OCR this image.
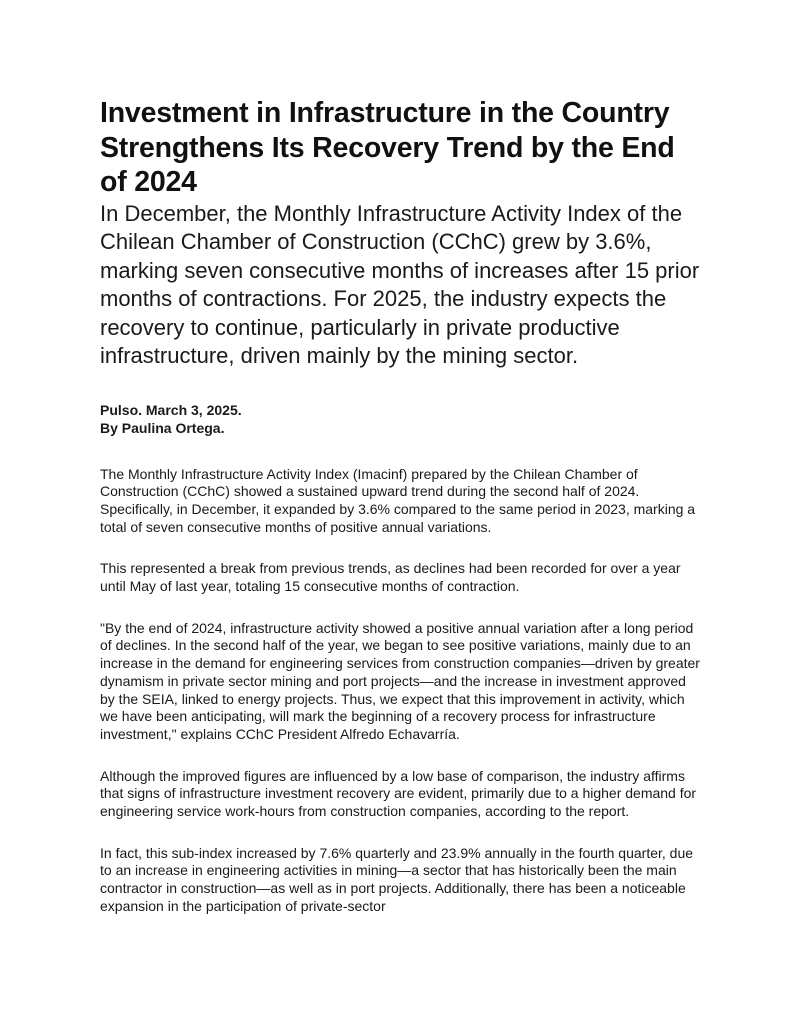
Investment in Infrastructure in the Country Strengthens Its Recovery Trend by the End of 2024
In December, the Monthly Infrastructure Activity Index of the Chilean Chamber of Construction (CChC) grew by 3.6%, marking seven consecutive months of increases after 15 prior months of contractions. For 2025, the industry expects the recovery to continue, particularly in private productive infrastructure, driven mainly by the mining sector.
Pulso. March 3, 2025.
By Paulina Ortega.

The Monthly Infrastructure Activity Index (Imacinf) prepared by the Chilean Chamber of Construction (CChC) showed a sustained upward trend during the second half of 2024. Specifically, in December, it expanded by 3.6% compared to the same period in 2023, marking a total of seven consecutive months of positive annual variations.

This represented a break from previous trends, as declines had been recorded for over a year until May of last year, totaling 15 consecutive months of contraction.

"By the end of 2024, infrastructure activity showed a positive annual variation after a long period of declines. In the second half of the year, we began to see positive variations, mainly due to an increase in the demand for engineering services from construction companies—driven by greater dynamism in private sector mining and port projects—and the increase in investment approved by the SEIA, linked to energy projects. Thus, we expect that this improvement in activity, which we have been anticipating, will mark the beginning of a recovery process for infrastructure investment," explains CChC President Alfredo Echavarría.

Although the improved figures are influenced by a low base of comparison, the industry affirms that signs of infrastructure investment recovery are evident, primarily due to a higher demand for engineering service work-hours from construction companies, according to the report.

In fact, this sub-index increased by 7.6% quarterly and 23.9% annually in the fourth quarter, due to an increase in engineering activities in mining—a sector that has historically been the main contractor in construction—as well as in port projects. Additionally, there has been a noticeable expansion in the participation of private-sector
